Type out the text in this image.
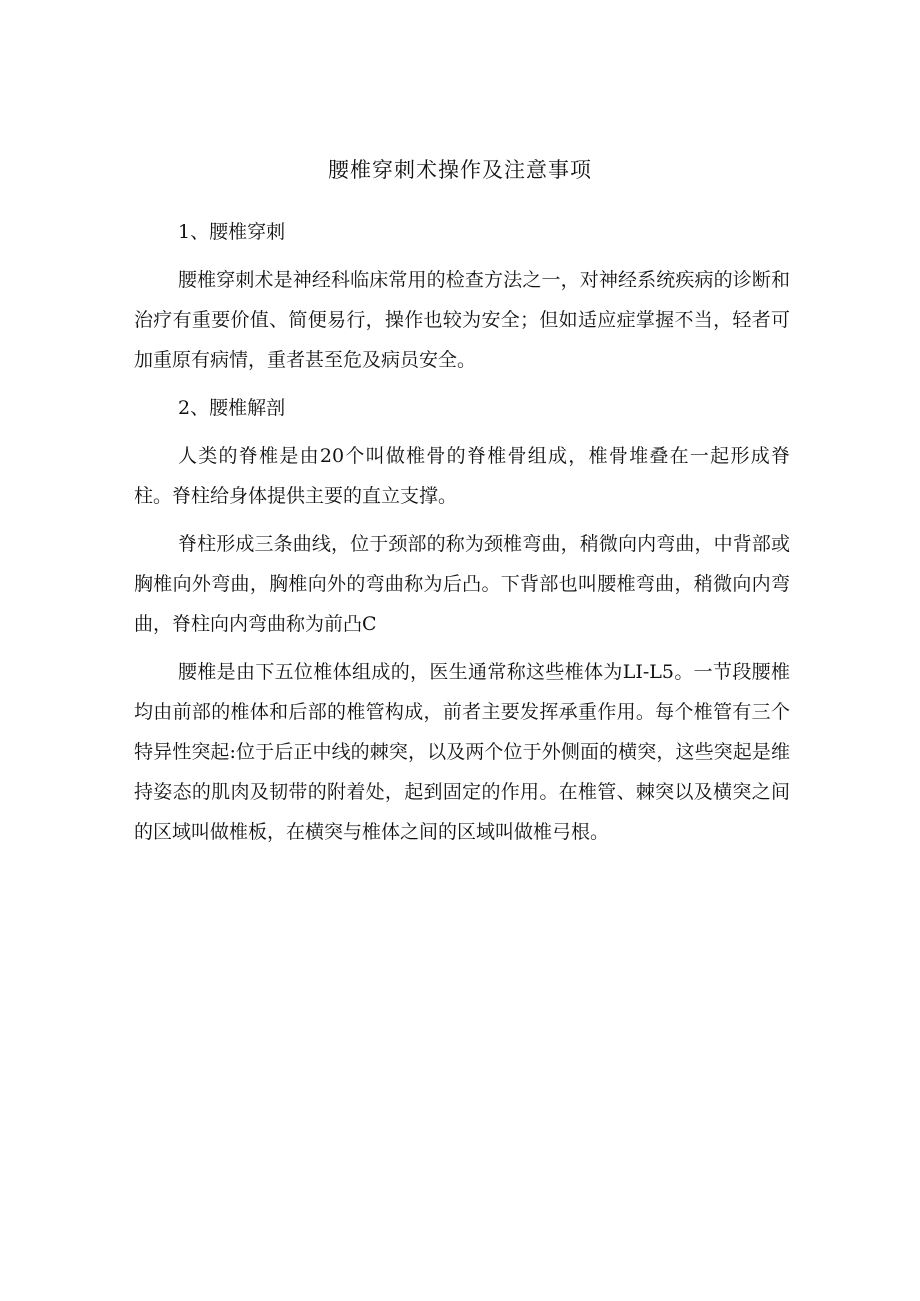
腰椎穿刺术操作及注意事项

1、腰椎穿刺

腰椎穿刺术是神经科临床常用的检查方法之一，对神经系统疾病的诊断和治疗有重要价值、简便易行，操作也较为安全；但如适应症掌握不当，轻者可加重原有病情，重者甚至危及病员安全。

2、腰椎解剖

人类的脊椎是由20个叫做椎骨的脊椎骨组成，椎骨堆叠在一起形成脊柱。脊柱给身体提供主要的直立支撑。

脊柱形成三条曲线，位于颈部的称为颈椎弯曲，稍微向内弯曲，中背部或胸椎向外弯曲，胸椎向外的弯曲称为后凸。下背部也叫腰椎弯曲，稍微向内弯曲，脊柱向内弯曲称为前凸C

腰椎是由下五位椎体组成的，医生通常称这些椎体为LI-L5。一节段腰椎均由前部的椎体和后部的椎管构成，前者主要发挥承重作用。每个椎管有三个特异性突起:位于后正中线的棘突，以及两个位于外侧面的横突，这些突起是维持姿态的肌肉及韧带的附着处，起到固定的作用。在椎管、棘突以及横突之间的区域叫做椎板，在横突与椎体之间的区域叫做椎弓根。
